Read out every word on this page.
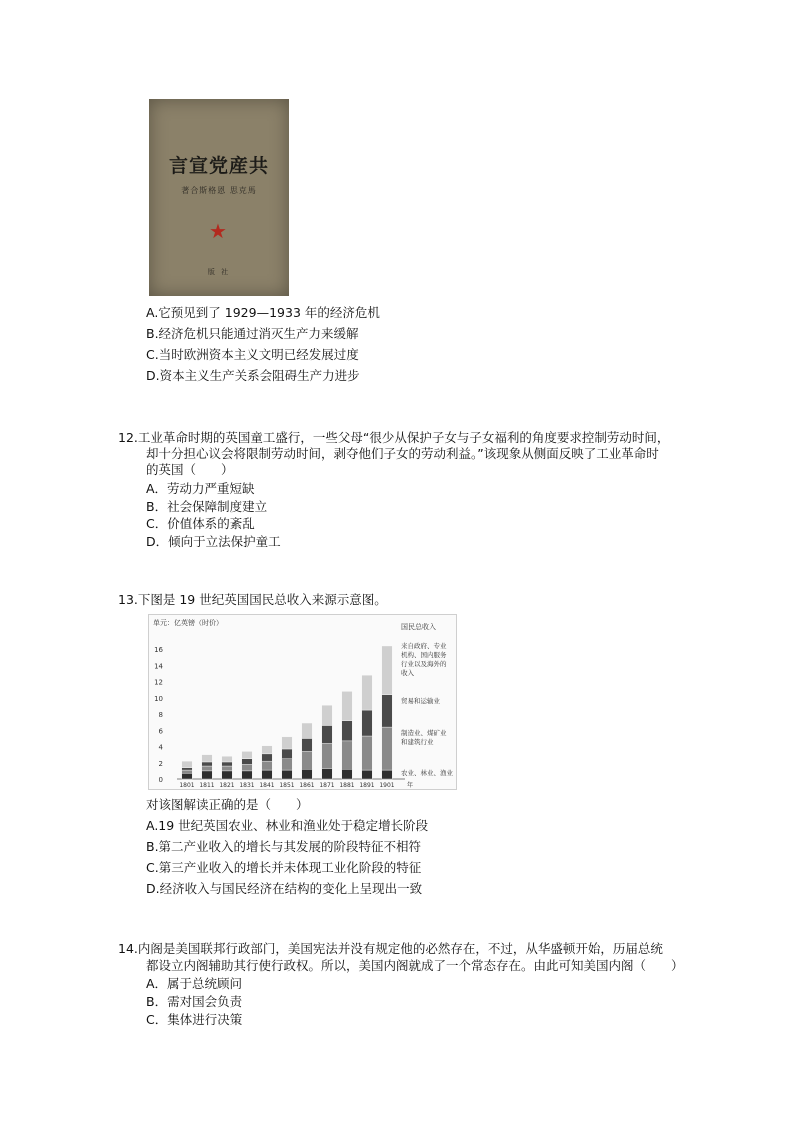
言宣党産共
著合斯格恩 思克馬
★
版 社
A.它预见到了 1929—1933 年的经济危机
B.经济危机只能通过消灭生产力来缓解
C.当时欧洲资本主义文明已经发展过度
D.资本主义生产关系会阻碍生产力进步
12.工业革命时期的英国童工盛行，一些父母“很少从保护子女与子女福利的角度要求控制劳动时间，
却十分担心议会将限制劳动时间，剥夺他们子女的劳动利益。”该现象从侧面反映了工业革命时
的英国（　　）
A．劳动力严重短缺
B．社会保障制度建立
C．价值体系的紊乱
D．倾向于立法保护童工
13.下图是 19 世纪英国国民总收入来源示意图。
单元：亿英镑（时价）
0
2
4
6
8
10
12
14
16
1801 1811 1821 1831 1841 1851 1861 1871 1881 1891 1901 年
国民总收入
来自政府、专业机构、国内服务行业以及海外的收入
贸易和运输业
制造业、煤矿业和建筑行业
农业、林业、渔业
对该图解读正确的是（　　）
A.19 世纪英国农业、林业和渔业处于稳定增长阶段
B.第二产业收入的增长与其发展的阶段特征不相符
C.第三产业收入的增长并未体现工业化阶段的特征
D.经济收入与国民经济在结构的变化上呈现出一致
14.内阁是美国联邦行政部门，美国宪法并没有规定他的必然存在，不过，从华盛顿开始，历届总统
都设立内阁辅助其行使行政权。所以，美国内阁就成了一个常态存在。由此可知美国内阁（　　）
A．属于总统顾问
B．需对国会负责
C．集体进行决策
